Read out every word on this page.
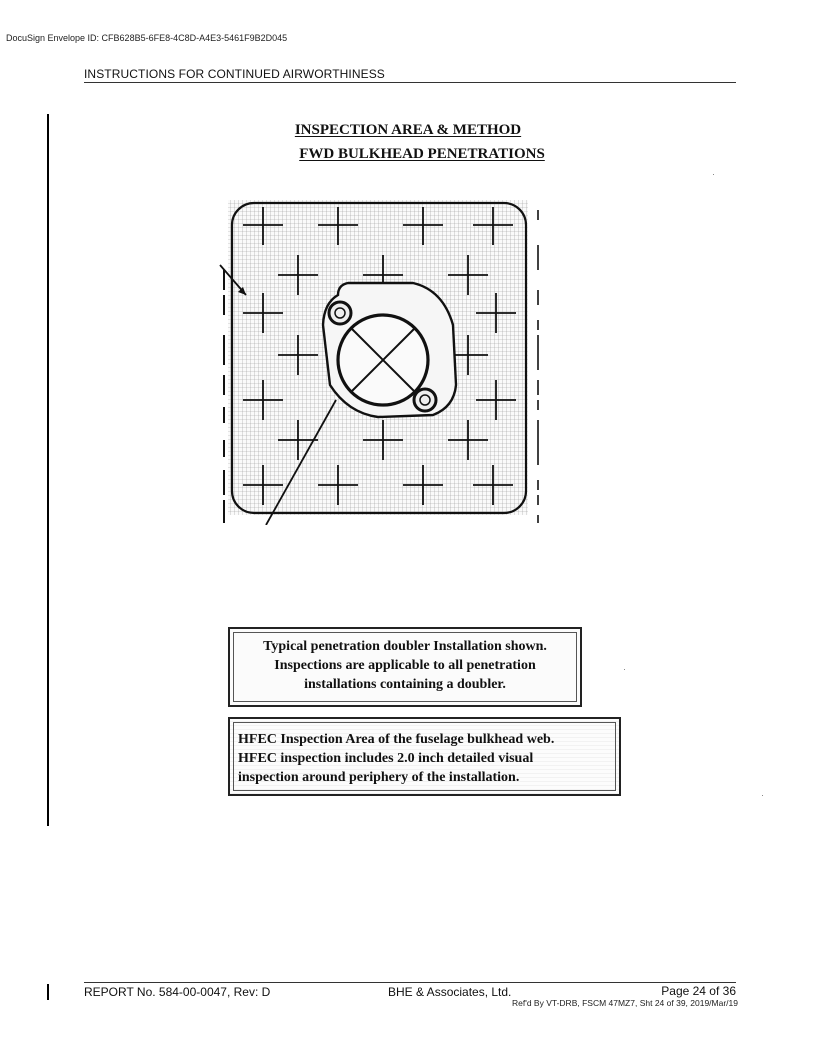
DocuSign Envelope ID: CFB628B5-6FE8-4C8D-A4E3-5461F9B2D045
INSTRUCTIONS FOR CONTINUED AIRWORTHINESS
INSPECTION AREA & METHOD
FWD BULKHEAD PENETRATIONS
Typical penetration doubler Installation shown.
Inspections are applicable to all penetration
installations containing a doubler.
HFEC Inspection Area of the fuselage bulkhead web.
HFEC inspection includes 2.0 inch detailed visual
inspection around periphery of the installation.
REPORT No. 584-00-0047, Rev: D	BHE & Associates, Ltd.	Page 24 of 36
Ref'd By VT-DRB, FSCM 47MZ7, Sht 24 of 39, 2019/Mar/19
